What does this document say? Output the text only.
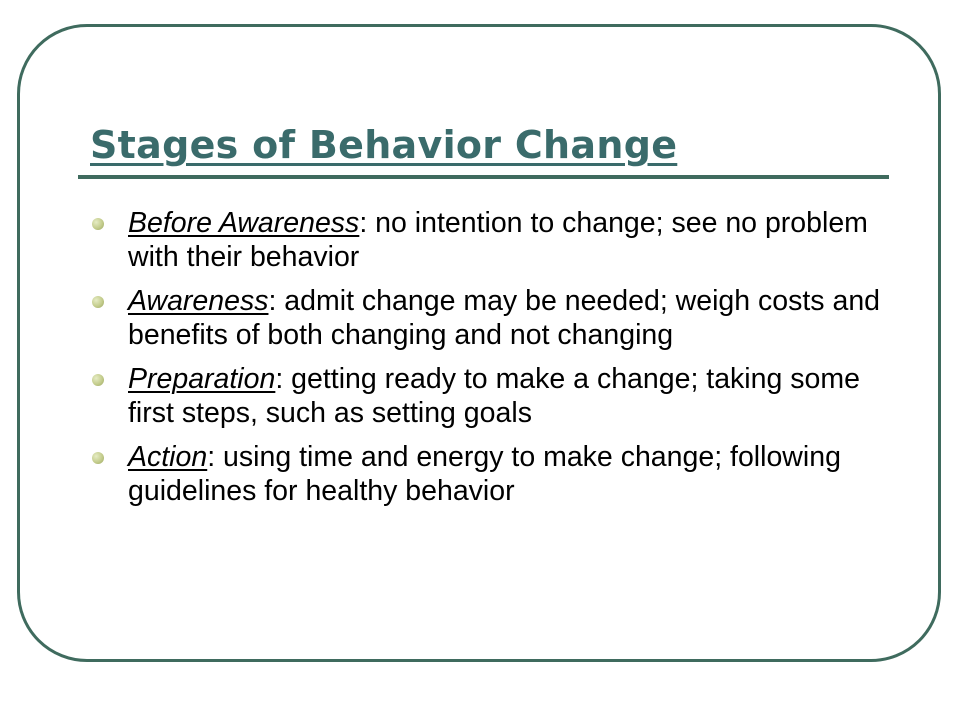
Stages of Behavior Change
Before Awareness: no intention to change; see no problem with their behavior
Awareness: admit change may be needed; weigh costs and benefits of both changing and not changing
Preparation: getting ready to make a change; taking some first steps, such as setting goals
Action: using time and energy to make change; following guidelines for healthy behavior
